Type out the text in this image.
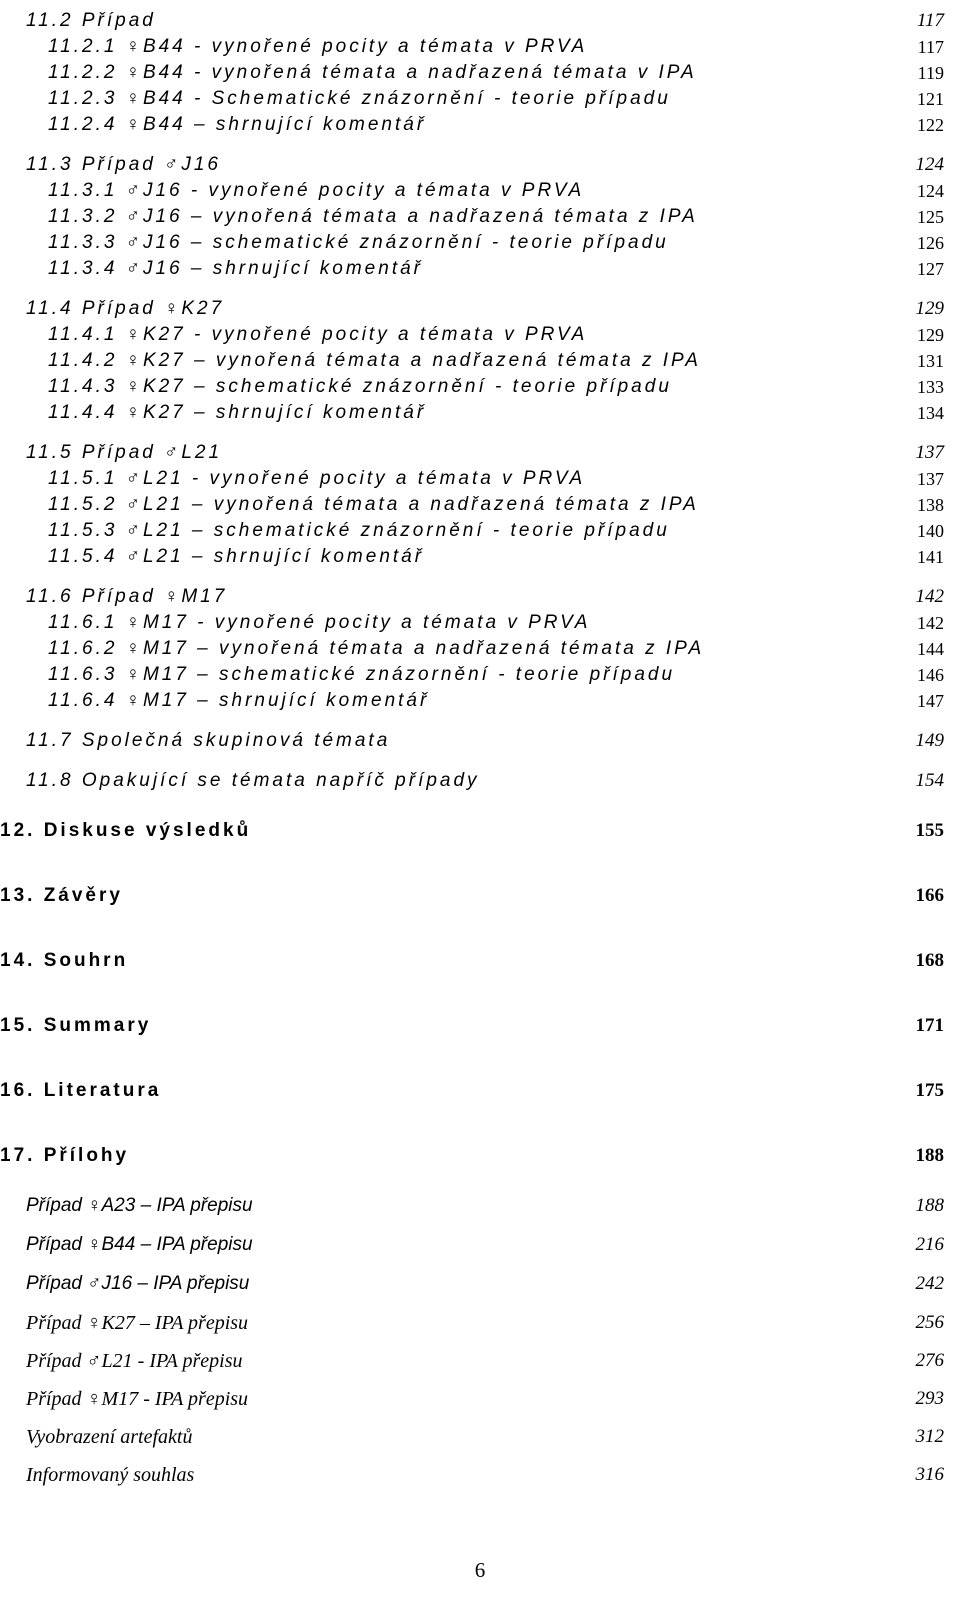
11.2 Případ	117
11.2.1 ♀B44 - vynořené pocity a témata v PRVA	117
11.2.2 ♀B44 - vynořená témata a nadřazená témata v IPA	119
11.2.3 ♀B44 - Schematické znázornění - teorie případu	121
11.2.4 ♀B44 – shrnující komentář	122
11.3 Případ ♂J16	124
11.3.1 ♂J16 - vynořené pocity a témata v PRVA	124
11.3.2 ♂J16 – vynořená témata a nadřazená témata z IPA	125
11.3.3 ♂J16 – schematické znázornění - teorie případu	126
11.3.4 ♂J16 – shrnující komentář	127
11.4 Případ ♀K27	129
11.4.1 ♀K27 - vynořené pocity a témata v PRVA	129
11.4.2 ♀K27 – vynořená témata a nadřazená témata z IPA	131
11.4.3 ♀K27 – schematické znázornění - teorie případu	133
11.4.4 ♀K27 – shrnující komentář	134
11.5 Případ ♂L21	137
11.5.1 ♂L21 - vynořené pocity a témata v PRVA	137
11.5.2 ♂L21 – vynořená témata a nadřazená témata z IPA	138
11.5.3 ♂L21 – schematické znázornění - teorie případu	140
11.5.4 ♂L21 – shrnující komentář	141
11.6 Případ ♀M17	142
11.6.1 ♀M17 - vynořené pocity a témata v PRVA	142
11.6.2 ♀M17 – vynořená témata a nadřazená témata z IPA	144
11.6.3 ♀M17 – schematické znázornění - teorie případu	146
11.6.4 ♀M17 – shrnující komentář	147
11.7 Společná skupinová témata	149
11.8 Opakující se témata napříč případy	154
12. Diskuse výsledků	155
13. Závěry	166
14. Souhrn	168
15. Summary	171
16. Literatura	175
17. Přílohy	188
Případ ♀A23 – IPA přepisu	188
Případ ♀B44 – IPA přepisu	216
Případ ♂J16 – IPA přepisu	242
Případ ♀K27 – IPA přepisu	256
Případ ♂L21 - IPA přepisu	276
Případ ♀M17 - IPA přepisu	293
Vyobrazení artefaktů	312
Informovaný souhlas	316
6
